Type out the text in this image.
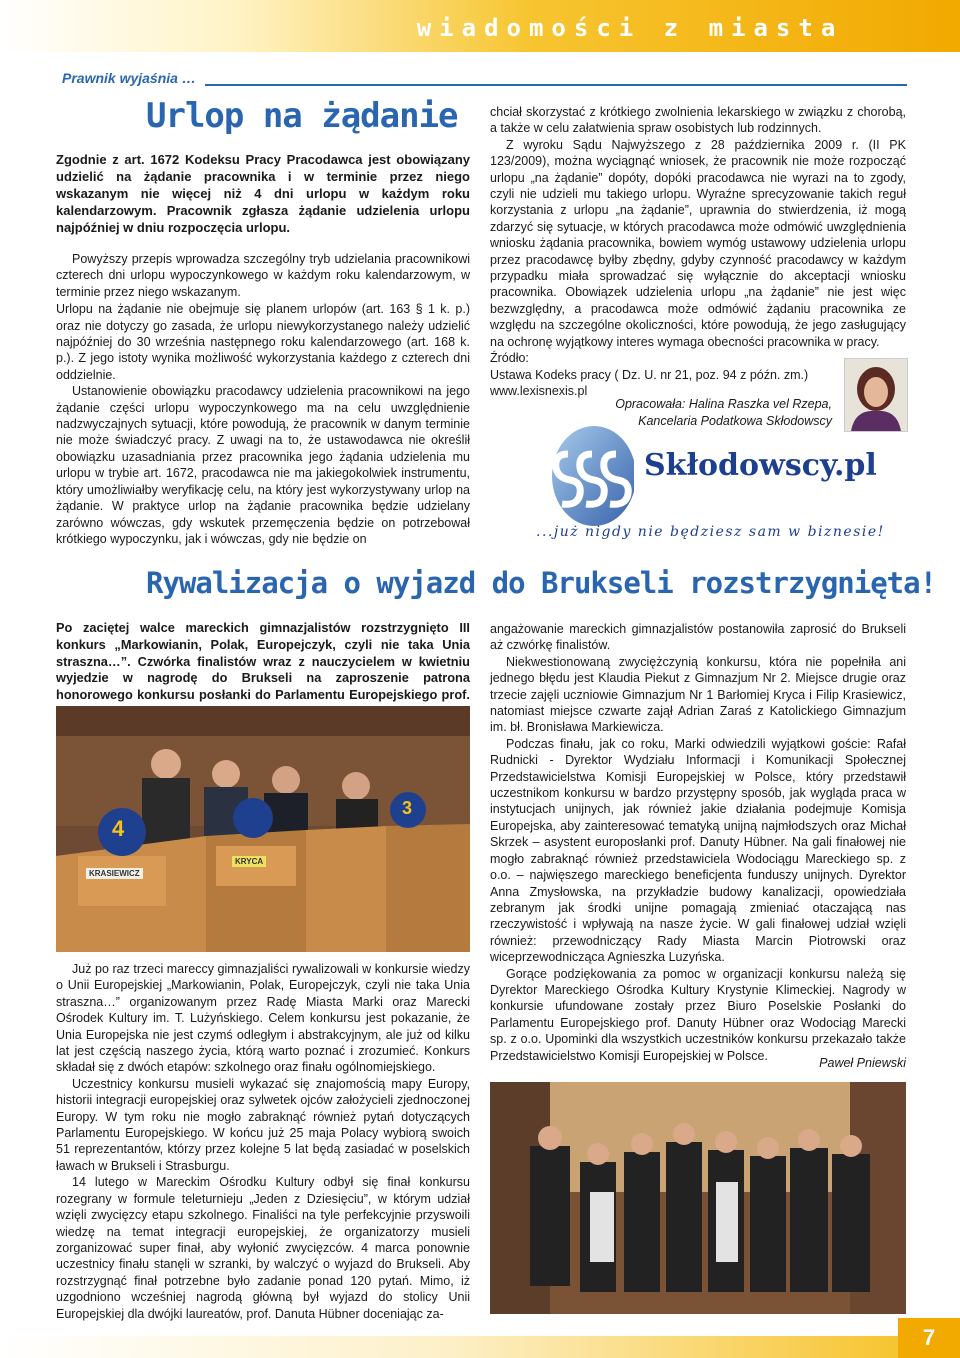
wiadomości z miasta
Prawnik wyjaśnia …
Urlop na żądanie
Zgodnie z art. 1672 Kodeksu Pracy Pracodawca jest obowiązany udzielić na żądanie pracownika i w terminie przez niego wskazanym nie więcej niż 4 dni urlopu w każdym roku kalendarzowym. Pracownik zgłasza żądanie udzielenia urlopu najpóźniej w dniu rozpoczęcia urlopu.

Powyższy przepis wprowadza szczególny tryb udzielania pracownikowi czterech dni urlopu wypoczynkowego w każdym roku kalendarzowym, w terminie przez niego wskazanym.

Urlopu na żądanie nie obejmuje się planem urlopów (art. 163 § 1 k. p.) oraz nie dotyczy go zasada, że urlopu niewykorzystanego należy udzielić najpóźniej do 30 września następnego roku kalendarzowego (art. 168 k. p.). Z jego istoty wynika możliwość wykorzystania każdego z czterech dni oddzielnie.

Ustanowienie obowiązku pracodawcy udzielenia pracownikowi na jego żądanie części urlopu wypoczynkowego ma na celu uwzględnienie nadzwyczajnych sytuacji, które powodują, że pracownik w danym terminie nie może świadczyć pracy. Z uwagi na to, że ustawodawca nie określił obowiązku uzasadniania przez pracownika jego żądania udzielenia mu urlopu w trybie art. 1672, pracodawca nie ma jakiegokolwiek instrumentu, który umożliwiałby weryfikację celu, na który jest wykorzystywany urlop na żądanie. W praktyce urlop na żądanie pracownika będzie udzielany zarówno wówczas, gdy wskutek przemęczenia będzie on potrzebował krótkiego wypoczynku, jak i wówczas, gdy nie będzie on

chciał skorzystać z krótkiego zwolnienia lekarskiego w związku z chorobą, a także w celu załatwienia spraw osobistych lub rodzinnych.

Z wyroku Sądu Najwyższego z 28 października 2009 r. (II PK 123/2009), można wyciągnąć wniosek, że pracownik nie może rozpocząć urlopu „na żądanie” dopóty, dopóki pracodawca nie wyrazi na to zgody, czyli nie udzieli mu takiego urlopu. Wyraźne sprecyzowanie takich reguł korzystania z urlopu „na żądanie”, uprawnia do stwierdzenia, iż mogą zdarzyć się sytuacje, w których pracodawca może odmówić uwzględnienia wniosku żądania pracownika, bowiem wymóg ustawowy udzielenia urlopu przez pracodawcę byłby zbędny, gdyby czynność pracodawcy w każdym przypadku miała sprowadzać się wyłącznie do akceptacji wniosku pracownika. Obowiązek udzielenia urlopu „na żądanie” nie jest więc bezwzględny, a pracodawca może odmówić żądaniu pracownika ze względu na szczególne okoliczności, które powodują, że jego zasługujący na ochronę wyjątkowy interes wymaga obecności pracownika w pracy.

Źródło:

Ustawa Kodeks pracy ( Dz. U. nr 21, poz. 94 z późn. zm.)

www.lexisnexis.pl

Opracowała: Halina Raszka vel Rzepa,
Kancelaria Podatkowa Skłodowscy
Skłodowscy.pl
...już nigdy nie będziesz sam w biznesie!
Rywalizacja o wyjazd do Brukseli rozstrzygnięta!
Po zaciętej walce mareckich gimnazjalistów rozstrzygnięto III konkurs „Markowianin, Polak, Europejczyk, czyli nie taka Unia straszna…”. Czwórka finalistów wraz z nauczycielem w kwietniu wyjedzie w nagrodę do Brukseli na zaproszenie patrona honorowego konkursu posłanki do Parlamentu Europejskiego prof.
4
KRASIEWICZ
KRYCA
3

Już po raz trzeci mareccy gimnazjaliści rywalizowali w konkursie wiedzy o Unii Europejskiej „Markowianin, Polak, Europejczyk, czyli nie taka Unia straszna…” organizowanym przez Radę Miasta Marki oraz Marecki Ośrodek Kultury im. T. Lużyńskiego. Celem konkursu jest pokazanie, że Unia Europejska nie jest czymś odległym i abstrakcyjnym, ale już od kilku lat jest częścią naszego życia, którą warto poznać i zrozumieć. Konkurs składał się z dwóch etapów: szkolnego oraz finału ogólnomiejskiego.

Uczestnicy konkursu musieli wykazać się znajomością mapy Europy, historii integracji europejskiej oraz sylwetek ojców założycieli zjednoczonej Europy. W tym roku nie mogło zabraknąć również pytań dotyczących Parlamentu Europejskiego. W końcu już 25 maja Polacy wybiorą swoich 51 reprezentantów, którzy przez kolejne 5 lat będą zasiadać w poselskich ławach w Brukseli i Strasburgu.

14 lutego w Mareckim Ośrodku Kultury odbył się finał konkursu rozegrany w formule teleturnieju „Jeden z Dziesięciu”, w którym udział wzięli zwycięzcy etapu szkolnego. Finaliści na tyle perfekcyjnie przyswoili wiedzę na temat integracji europejskiej, że organizatorzy musieli zorganizować super finał, aby wyłonić zwycięzców. 4 marca ponownie uczestnicy finału stanęli w szranki, by walczyć o wyjazd do Brukseli. Aby rozstrzygnąć finał potrzebne było zadanie ponad 120 pytań. Mimo, iż uzgodniono wcześniej nagrodą główną był wyjazd do stolicy Unii Europejskiej dla dwójki laureatów, prof. Danuta Hübner doceniając za-

angażowanie mareckich gimnazjalistów postanowiła zaprosić do Brukseli aż czwórkę finalistów.

Niekwestionowaną zwyciężczynią konkursu, która nie popełniła ani jednego błędu jest Klaudia Piekut z Gimnazjum Nr 2. Miejsce drugie oraz trzecie zajęli uczniowie Gimnazjum Nr 1 Barłomiej Kryca i Filip Krasiewicz, natomiast miejsce czwarte zajął Adrian Zaraś z Katolickiego Gimnazjum im. bł. Bronisława Markiewicza.

Podczas finału, jak co roku, Marki odwiedzili wyjątkowi goście: Rafał Rudnicki - Dyrektor Wydziału Informacji i Komunikacji Społecznej Przedstawicielstwa Komisji Europejskiej w Polsce, który przedstawił uczestnikom konkursu w bardzo przystępny sposób, jak wygląda praca w instytucjach unijnych, jak również jakie działania podejmuje Komisja Europejska, aby zainteresować tematyką unijną najmłodszych oraz Michał Skrzek – asystent europosłanki prof. Danuty Hübner. Na gali finałowej nie mogło zabraknąć również przedstawiciela Wodociągu Mareckiego sp. z o.o. – najwięszego mareckiego beneficjenta funduszy unijnych. Dyrektor Anna Zmysłowska, na przykładzie budowy kanalizacji, opowiedziała zebranym jak środki unijne pomagają zmieniać otaczającą nas rzeczywistość i wpływają na nasze życie. W gali finałowej udział wzięli również: przewodniczący Rady Miasta Marcin Piotrowski oraz wiceprzewodnicząca Agnieszka Luzyńska.

Gorące podziękowania za pomoc w organizacji konkursu należą się Dyrektor Mareckiego Ośrodka Kultury Krystynie Klimeckiej. Nagrody w konkursie ufundowane zostały przez Biuro Poselskie Posłanki do Parlamentu Europejskiego prof. Danuty Hübner oraz Wodociąg Marecki sp. z o.o. Upominki dla wszystkich uczestników konkursu przekazało także Przedstawicielstwo Komisji Europejskiej w Polsce.

Paweł Pniewski
7
